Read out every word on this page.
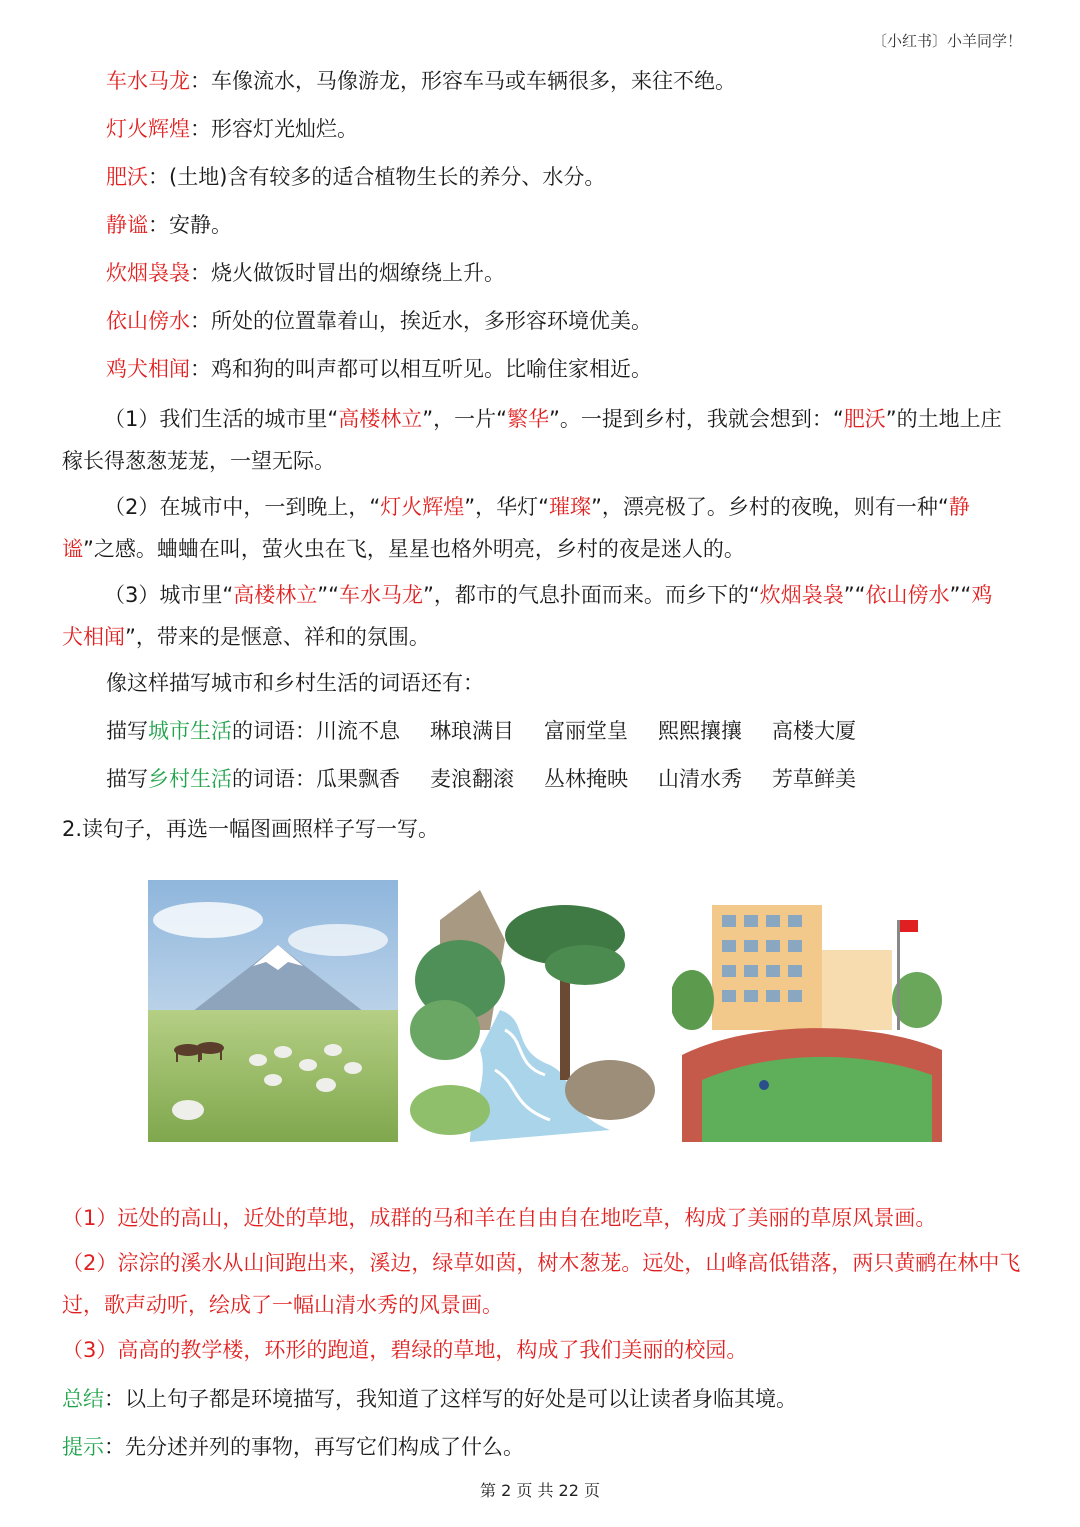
〔小红书〕小羊同学！
车水马龙：车像流水，马像游龙，形容车马或车辆很多，来往不绝。
灯火辉煌：形容灯光灿烂。
肥沃：(土地)含有较多的适合植物生长的养分、水分。
静谧：安静。
炊烟袅袅：烧火做饭时冒出的烟缭绕上升。
依山傍水：所处的位置靠着山，挨近水，多形容环境优美。
鸡犬相闻：鸡和狗的叫声都可以相互听见。比喻住家相近。
（1）我们生活的城市里“高楼林立”，一片“繁华”。一提到乡村，我就会想到：“肥沃”的土地上庄稼长得葱葱茏茏，一望无际。
（2）在城市中，一到晚上，“灯火辉煌”，华灯“璀璨”，漂亮极了。乡村的夜晚，则有一种“静谧”之感。蛐蛐在叫，萤火虫在飞，星星也格外明亮，乡村的夜是迷人的。
（3）城市里“高楼林立”“车水马龙”，都市的气息扑面而来。而乡下的“炊烟袅袅”“依山傍水”“鸡犬相闻”，带来的是惬意、祥和的氛围。
像这样描写城市和乡村生活的词语还有：
描写城市生活的词语：川流不息 琳琅满目 富丽堂皇 熙熙攘攘 高楼大厦
描写乡村生活的词语：瓜果飘香 麦浪翻滚 丛林掩映 山清水秀 芳草鲜美
2.读句子，再选一幅图画照样子写一写。
（1）远处的高山，近处的草地，成群的马和羊在自由自在地吃草，构成了美丽的草原风景画。
（2）淙淙的溪水从山间跑出来，溪边，绿草如茵，树木葱茏。远处，山峰高低错落，两只黄鹂在林中飞过，歌声动听，绘成了一幅山清水秀的风景画。
（3）高高的教学楼，环形的跑道，碧绿的草地，构成了我们美丽的校园。
总结：以上句子都是环境描写，我知道了这样写的好处是可以让读者身临其境。
提示：先分述并列的事物，再写它们构成了什么。
第 2 页 共 22 页
